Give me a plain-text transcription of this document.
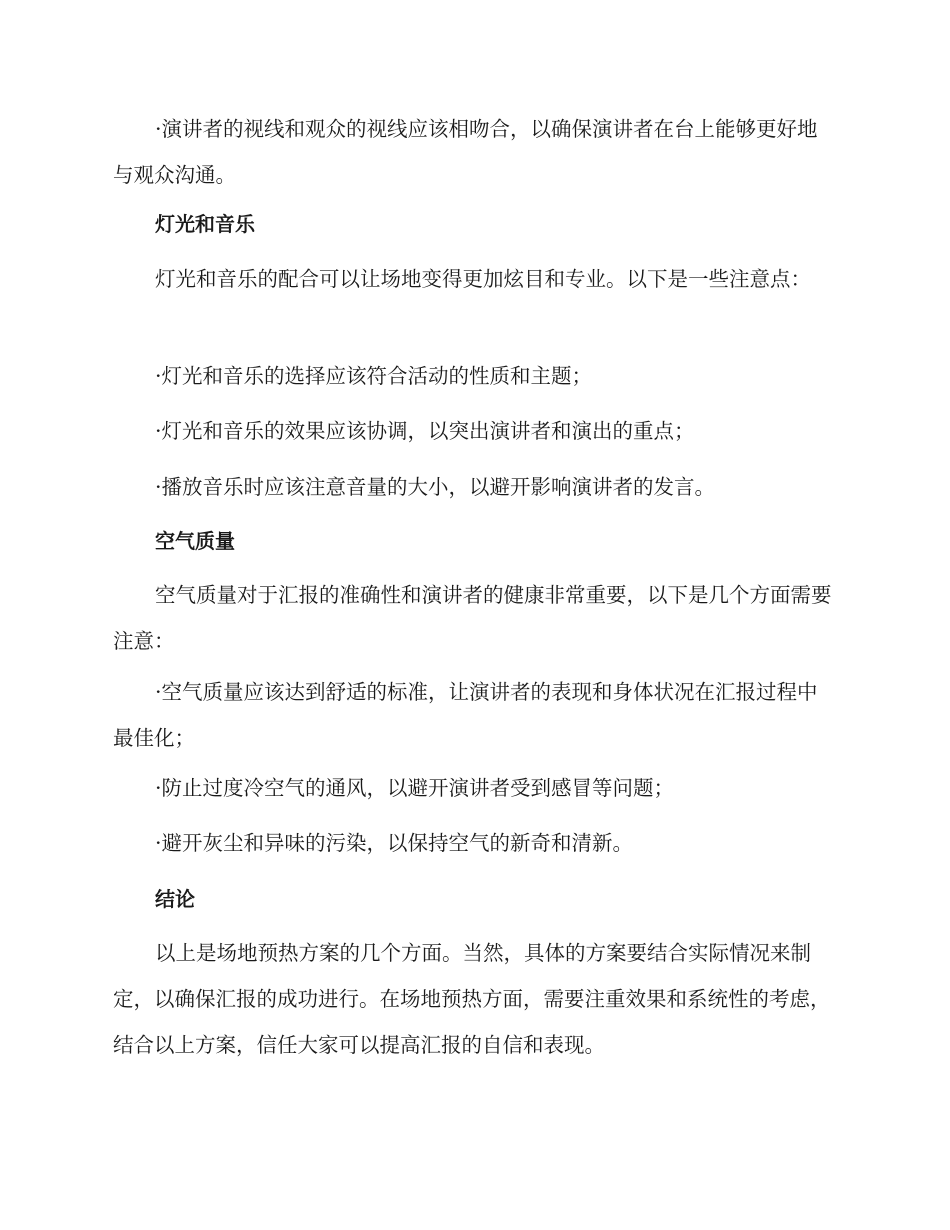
·演讲者的视线和观众的视线应该相吻合，以确保演讲者在台上能够更好地与观众沟通。

灯光和音乐

灯光和音乐的配合可以让场地变得更加炫目和专业。以下是一些注意点：

·灯光和音乐的选择应该符合活动的性质和主题；

·灯光和音乐的效果应该协调，以突出演讲者和演出的重点；

·播放音乐时应该注意音量的大小，以避开影响演讲者的发言。

空气质量

空气质量对于汇报的准确性和演讲者的健康非常重要，以下是几个方面需要注意：

·空气质量应该达到舒适的标准，让演讲者的表现和身体状况在汇报过程中最佳化；

·防止过度冷空气的通风，以避开演讲者受到感冒等问题；

·避开灰尘和异味的污染，以保持空气的新奇和清新。

结论

以上是场地预热方案的几个方面。当然，具体的方案要结合实际情况来制定，以确保汇报的成功进行。在场地预热方面，需要注重效果和系统性的考虑，结合以上方案，信任大家可以提高汇报的自信和表现。
